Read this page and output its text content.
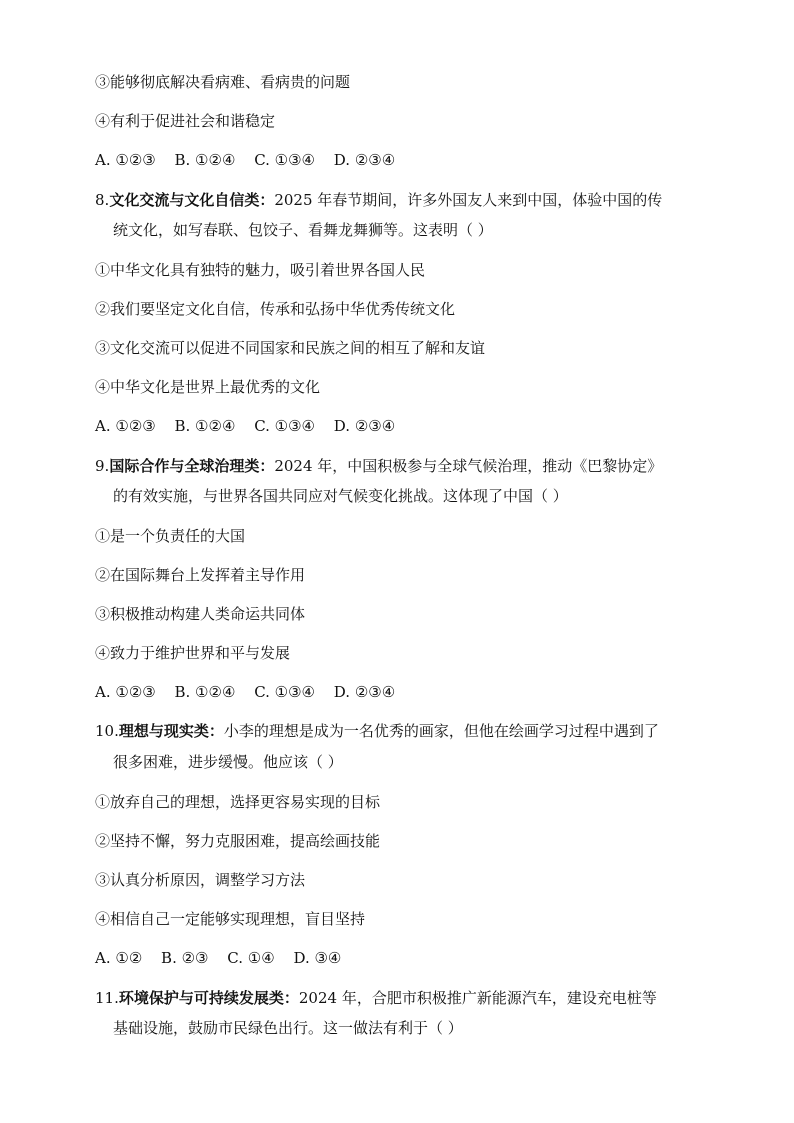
③能够彻底解决看病难、看病贵的问题
④有利于促进社会和谐稳定
A. ①②③ B. ①②④ C. ①③④ D. ②③④
8.文化交流与文化自信类：2025 年春节期间，许多外国友人来到中国，体验中国的传
统文化，如写春联、包饺子、看舞龙舞狮等。这表明（ ）
①中华文化具有独特的魅力，吸引着世界各国人民
②我们要坚定文化自信，传承和弘扬中华优秀传统文化
③文化交流可以促进不同国家和民族之间的相互了解和友谊
④中华文化是世界上最优秀的文化
A. ①②③ B. ①②④ C. ①③④ D. ②③④
9.国际合作与全球治理类：2024 年，中国积极参与全球气候治理，推动《巴黎协定》
的有效实施，与世界各国共同应对气候变化挑战。这体现了中国（ ）
①是一个负责任的大国
②在国际舞台上发挥着主导作用
③积极推动构建人类命运共同体
④致力于维护世界和平与发展
A. ①②③ B. ①②④ C. ①③④ D. ②③④
10.理想与现实类：小李的理想是成为一名优秀的画家，但他在绘画学习过程中遇到了
很多困难，进步缓慢。他应该（ ）
①放弃自己的理想，选择更容易实现的目标
②坚持不懈，努力克服困难，提高绘画技能
③认真分析原因，调整学习方法
④相信自己一定能够实现理想，盲目坚持
A. ①② B. ②③ C. ①④ D. ③④
11.环境保护与可持续发展类：2024 年，合肥市积极推广新能源汽车，建设充电桩等
基础设施，鼓励市民绿色出行。这一做法有利于（ ）
